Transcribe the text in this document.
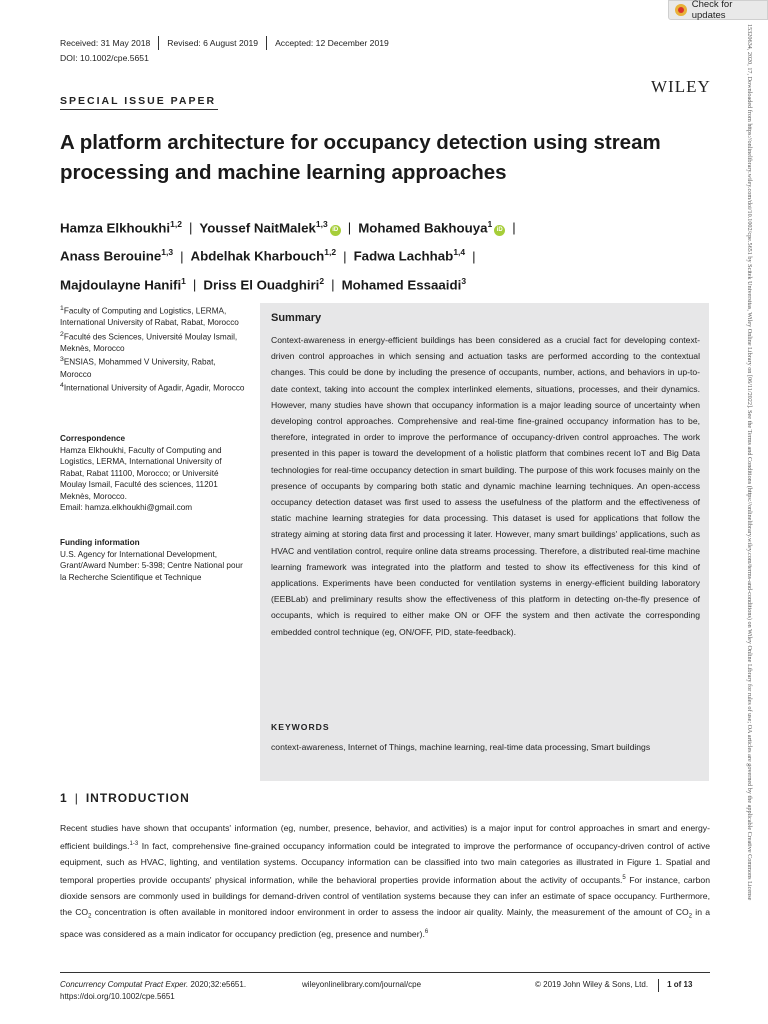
Check for updates
Received: 31 May 2018 Revised: 6 August 2019 Accepted: 12 December 2019
DOI: 10.1002/cpe.5651
WILEY	15320634, 2020, 17, Downloaded from https://onlinelibrary.wiley.com/doi/10.1002/cpe.5651 by Scitek Universitas, Wiley Online Library on [06/11/2022]. See the Terms and Conditions (https://onlinelibrary.wiley.com/terms-and-conditions) on Wiley Online Library for rules of use; OA articles are governed by the applicable Creative Commons License
SPECIAL ISSUE PAPER
A platform architecture for occupancy detection using stream processing and machine learning approaches
Hamza Elkhoukhi$^{1,2}$ | Youssef NaitMalek$^{1,3}$iD | Mohamed Bakhouya$^1$iD |
Anass Berouine$^{1,3}$ | Abdelhak Kharbouch$^{1,2}$ | Fadwa Lachhab$^{1,4}$ |
Majdoulayne Hanifi$^1$ | Driss El Ouadghiri$^2$ | Mohamed Essaaidi$^3$
$^1$Faculty of Computing and Logistics, LERMA, International University of Rabat, Rabat, Morocco
$^2$Faculté des Sciences, Université Moulay Ismail, Meknès, Morocco
$^3$ENSIAS, Mohammed V University, Rabat, Morocco
$^4$International University of Agadir, Agadir, Morocco
Correspondence
Hamza Elkhoukhi, Faculty of Computing and Logistics, LERMA, International University of Rabat, Rabat 11100, Morocco; or Université Moulay Ismail, Faculté des sciences, 11201 Meknès, Morocco.
Email: hamza.elkhoukhi@gmail.com
Funding information
U.S. Agency for International Development, Grant/Award Number: 5-398; Centre National pour la Recherche Scientifique et Technique
Summary
Context-awareness in energy-efficient buildings has been considered as a crucial fact for developing context-driven control approaches in which sensing and actuation tasks are performed according to the contextual changes. This could be done by including the presence of occupants, number, actions, and behaviors in up-to-date context, taking into account the complex interlinked elements, situations, processes, and their dynamics. However, many studies have shown that occupancy information is a major leading source of uncertainty when developing control approaches. Comprehensive and real-time fine-grained occupancy information has to be, therefore, integrated in order to improve the performance of occupancy-driven control approaches. The work presented in this paper is toward the development of a holistic platform that combines recent IoT and Big Data technologies for real-time occupancy detection in smart building. The purpose of this work focuses mainly on the presence of occupants by comparing both static and dynamic machine learning techniques. An open-access occupancy detection dataset was first used to assess the usefulness of the platform and the effectiveness of static machine learning strategies for data processing. This dataset is used for applications that follow the strategy aiming at storing data first and processing it later. However, many smart buildings' applications, such as HVAC and ventilation control, require online data streams processing. Therefore, a distributed real-time machine learning framework was integrated into the platform and tested to show its effectiveness for this kind of applications. Experiments have been conducted for ventilation systems in energy-efficient building laboratory (EEBLab) and preliminary results show the effectiveness of this platform in detecting on-the-fly presence of occupants, which is required to either make ON or OFF the system and then activate the corresponding embedded control technique (eg, ON/OFF, PID, state-feedback).
KEYWORDS
context-awareness, Internet of Things, machine learning, real-time data processing, Smart buildings
1 | INTRODUCTION
Recent studies have shown that occupants' information (eg, number, presence, behavior, and activities) is a major input for control approaches in smart and energy-efficient buildings.$^{1-3}$ In fact, comprehensive fine-grained occupancy information could be integrated to improve the performance of occupancy-driven control of active equipment, such as HVAC, lighting, and ventilation systems. Occupancy information can be classified into two main categories as illustrated in Figure 1. Spatial and temporal properties provide occupants' physical information, while the behavioral properties provide information about the activity of occupants.$^5$ For instance, carbon dioxide sensors are commonly used in buildings for demand-driven control of ventilation systems because they can infer an estimate of space occupancy. Furthermore, the $CO_2$ concentration is often available in monitored indoor environment in order to assess the indoor air quality. Mainly, the measurement of the amount of $CO_2$ in a space was considered as a main indicator for occupancy prediction (eg, presence and number).$^6$
Concurrency Computat Pract Exper. 2020;32:e5651.
https://doi.org/10.1002/cpe.5651
wileyonlinelibrary.com/journal/cpe	© 2019 John Wiley & Sons, Ltd. 1 of 13
